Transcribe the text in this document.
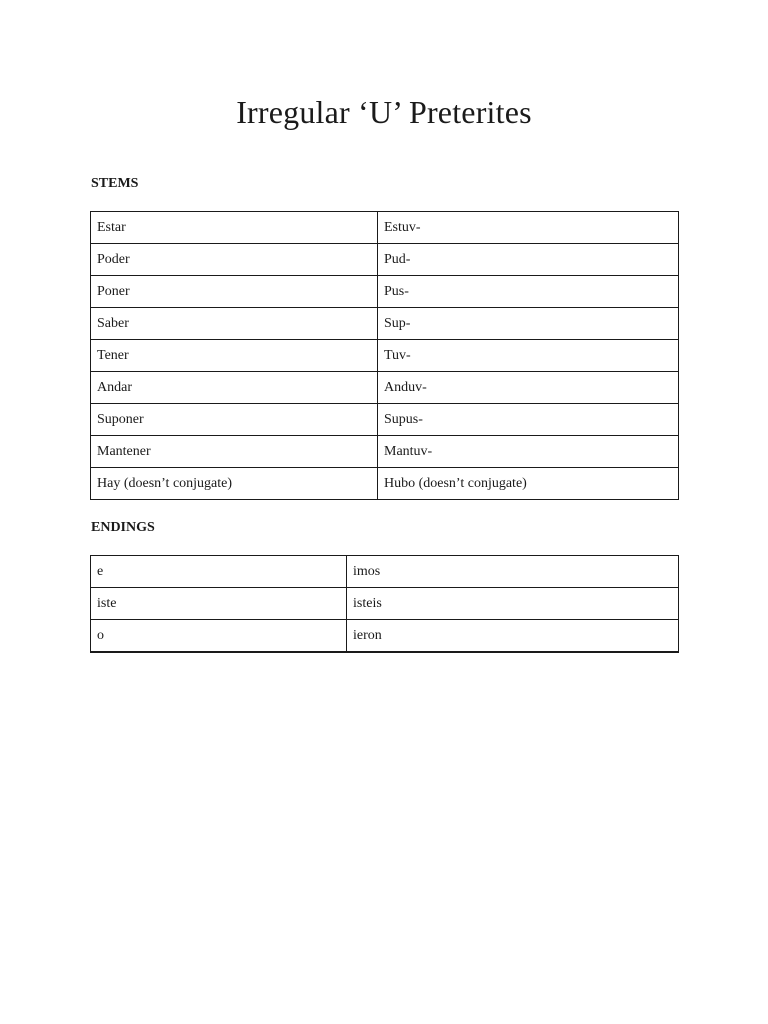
Irregular ‘U’ Preterites
STEMS
Estar	Estuv-
Poder	Pud-
Poner	Pus-
Saber	Sup-
Tener	Tuv-
Andar	Anduv-
Suponer	Supus-
Mantener	Mantuv-
Hay (doesn’t conjugate)	Hubo (doesn’t conjugate)
ENDINGS
e	imos
iste	isteis
o	ieron
